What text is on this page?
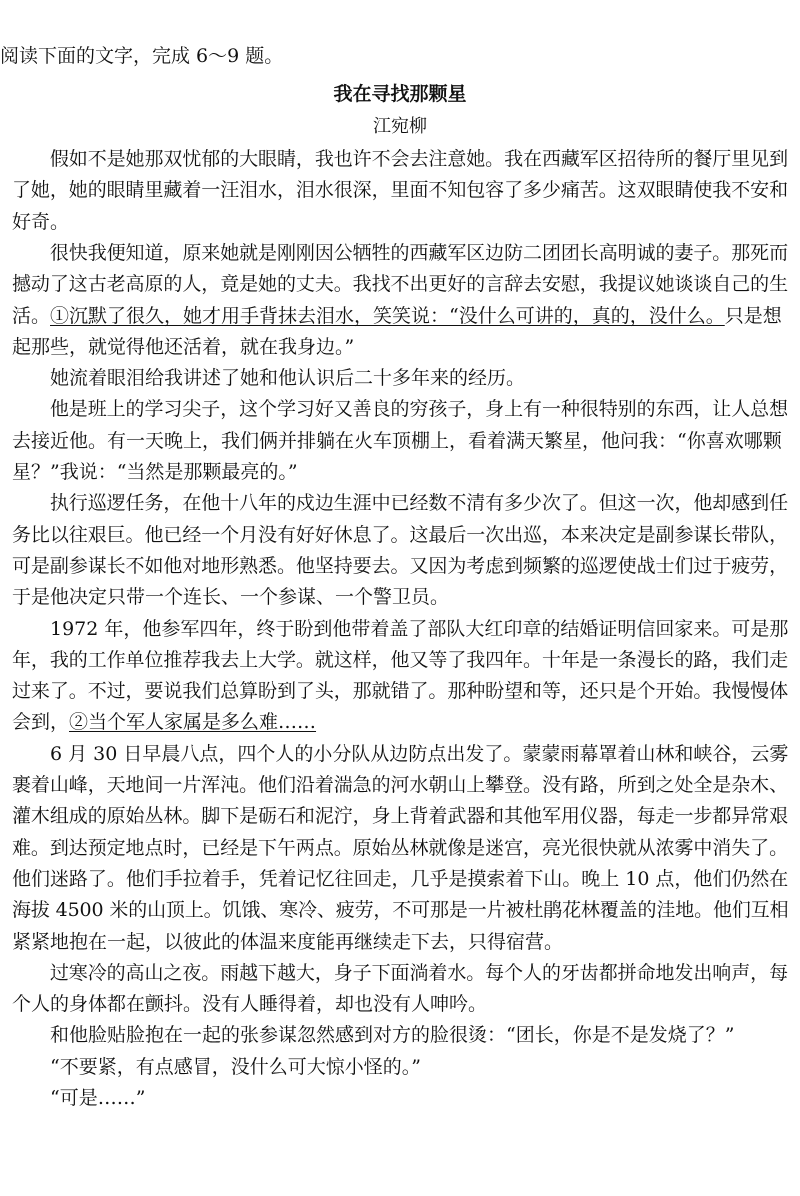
阅读下面的文字，完成 6～9 题。
我在寻找那颗星
江宛柳
　　假如不是她那双忧郁的大眼睛，我也许不会去注意她。我在西藏军区招待所的餐厅里见到
了她，她的眼睛里藏着一汪泪水，泪水很深，里面不知包容了多少痛苦。这双眼睛使我不安和
好奇。
　　很快我便知道，原来她就是刚刚因公牺牲的西藏军区边防二团团长高明诚的妻子。那死而
撼动了这古老高原的人，竟是她的丈夫。我找不出更好的言辞去安慰，我提议她谈谈自己的生
活。①沉默了很久，她才用手背抹去泪水，笑笑说：“没什么可讲的，真的，没什么。只是想
起那些，就觉得他还活着，就在我身边。”
　　她流着眼泪给我讲述了她和他认识后二十多年来的经历。
　　他是班上的学习尖子，这个学习好又善良的穷孩子，身上有一种很特别的东西，让人总想
去接近他。有一天晚上，我们俩并排躺在火车顶棚上，看着满天繁星，他问我：“你喜欢哪颗
星？”我说：“当然是那颗最亮的。”
　　执行巡逻任务，在他十八年的戍边生涯中已经数不清有多少次了。但这一次，他却感到任
务比以往艰巨。他已经一个月没有好好休息了。这最后一次出巡，本来决定是副参谋长带队，
可是副参谋长不如他对地形熟悉。他坚持要去。又因为考虑到频繁的巡逻使战士们过于疲劳，
于是他决定只带一个连长、一个参谋、一个警卫员。
　　1972 年，他参军四年，终于盼到他带着盖了部队大红印章的结婚证明信回家来。可是那
年，我的工作单位推荐我去上大学。就这样，他又等了我四年。十年是一条漫长的路，我们走
过来了。不过，要说我们总算盼到了头，那就错了。那种盼望和等，还只是个开始。我慢慢体
会到，②当个军人家属是多么难……
　　6 月 30 日早晨八点，四个人的小分队从边防点出发了。蒙蒙雨幕罩着山林和峡谷，云雾
裹着山峰，天地间一片浑沌。他们沿着湍急的河水朝山上攀登。没有路，所到之处全是杂木、
灌木组成的原始丛林。脚下是砺石和泥泞，身上背着武器和其他军用仪器，每走一步都异常艰
难。到达预定地点时，已经是下午两点。原始丛林就像是迷宫，亮光很快就从浓雾中消失了。
他们迷路了。他们手拉着手，凭着记忆往回走，几乎是摸索着下山。晚上 10 点，他们仍然在
海拔 4500 米的山顶上。饥饿、寒冷、疲劳，不可那是一片被杜鹃花林覆盖的洼地。他们互相
紧紧地抱在一起，以彼此的体温来度能再继续走下去，只得宿营。
　　过寒冷的高山之夜。雨越下越大，身子下面淌着水。每个人的牙齿都拼命地发出响声，每
个人的身体都在颤抖。没有人睡得着，却也没有人呻吟。
　　和他脸贴脸抱在一起的张参谋忽然感到对方的脸很烫：“团长，你是不是发烧了？”
　　“不要紧，有点感冒，没什么可大惊小怪的。”
　　“可是……”
